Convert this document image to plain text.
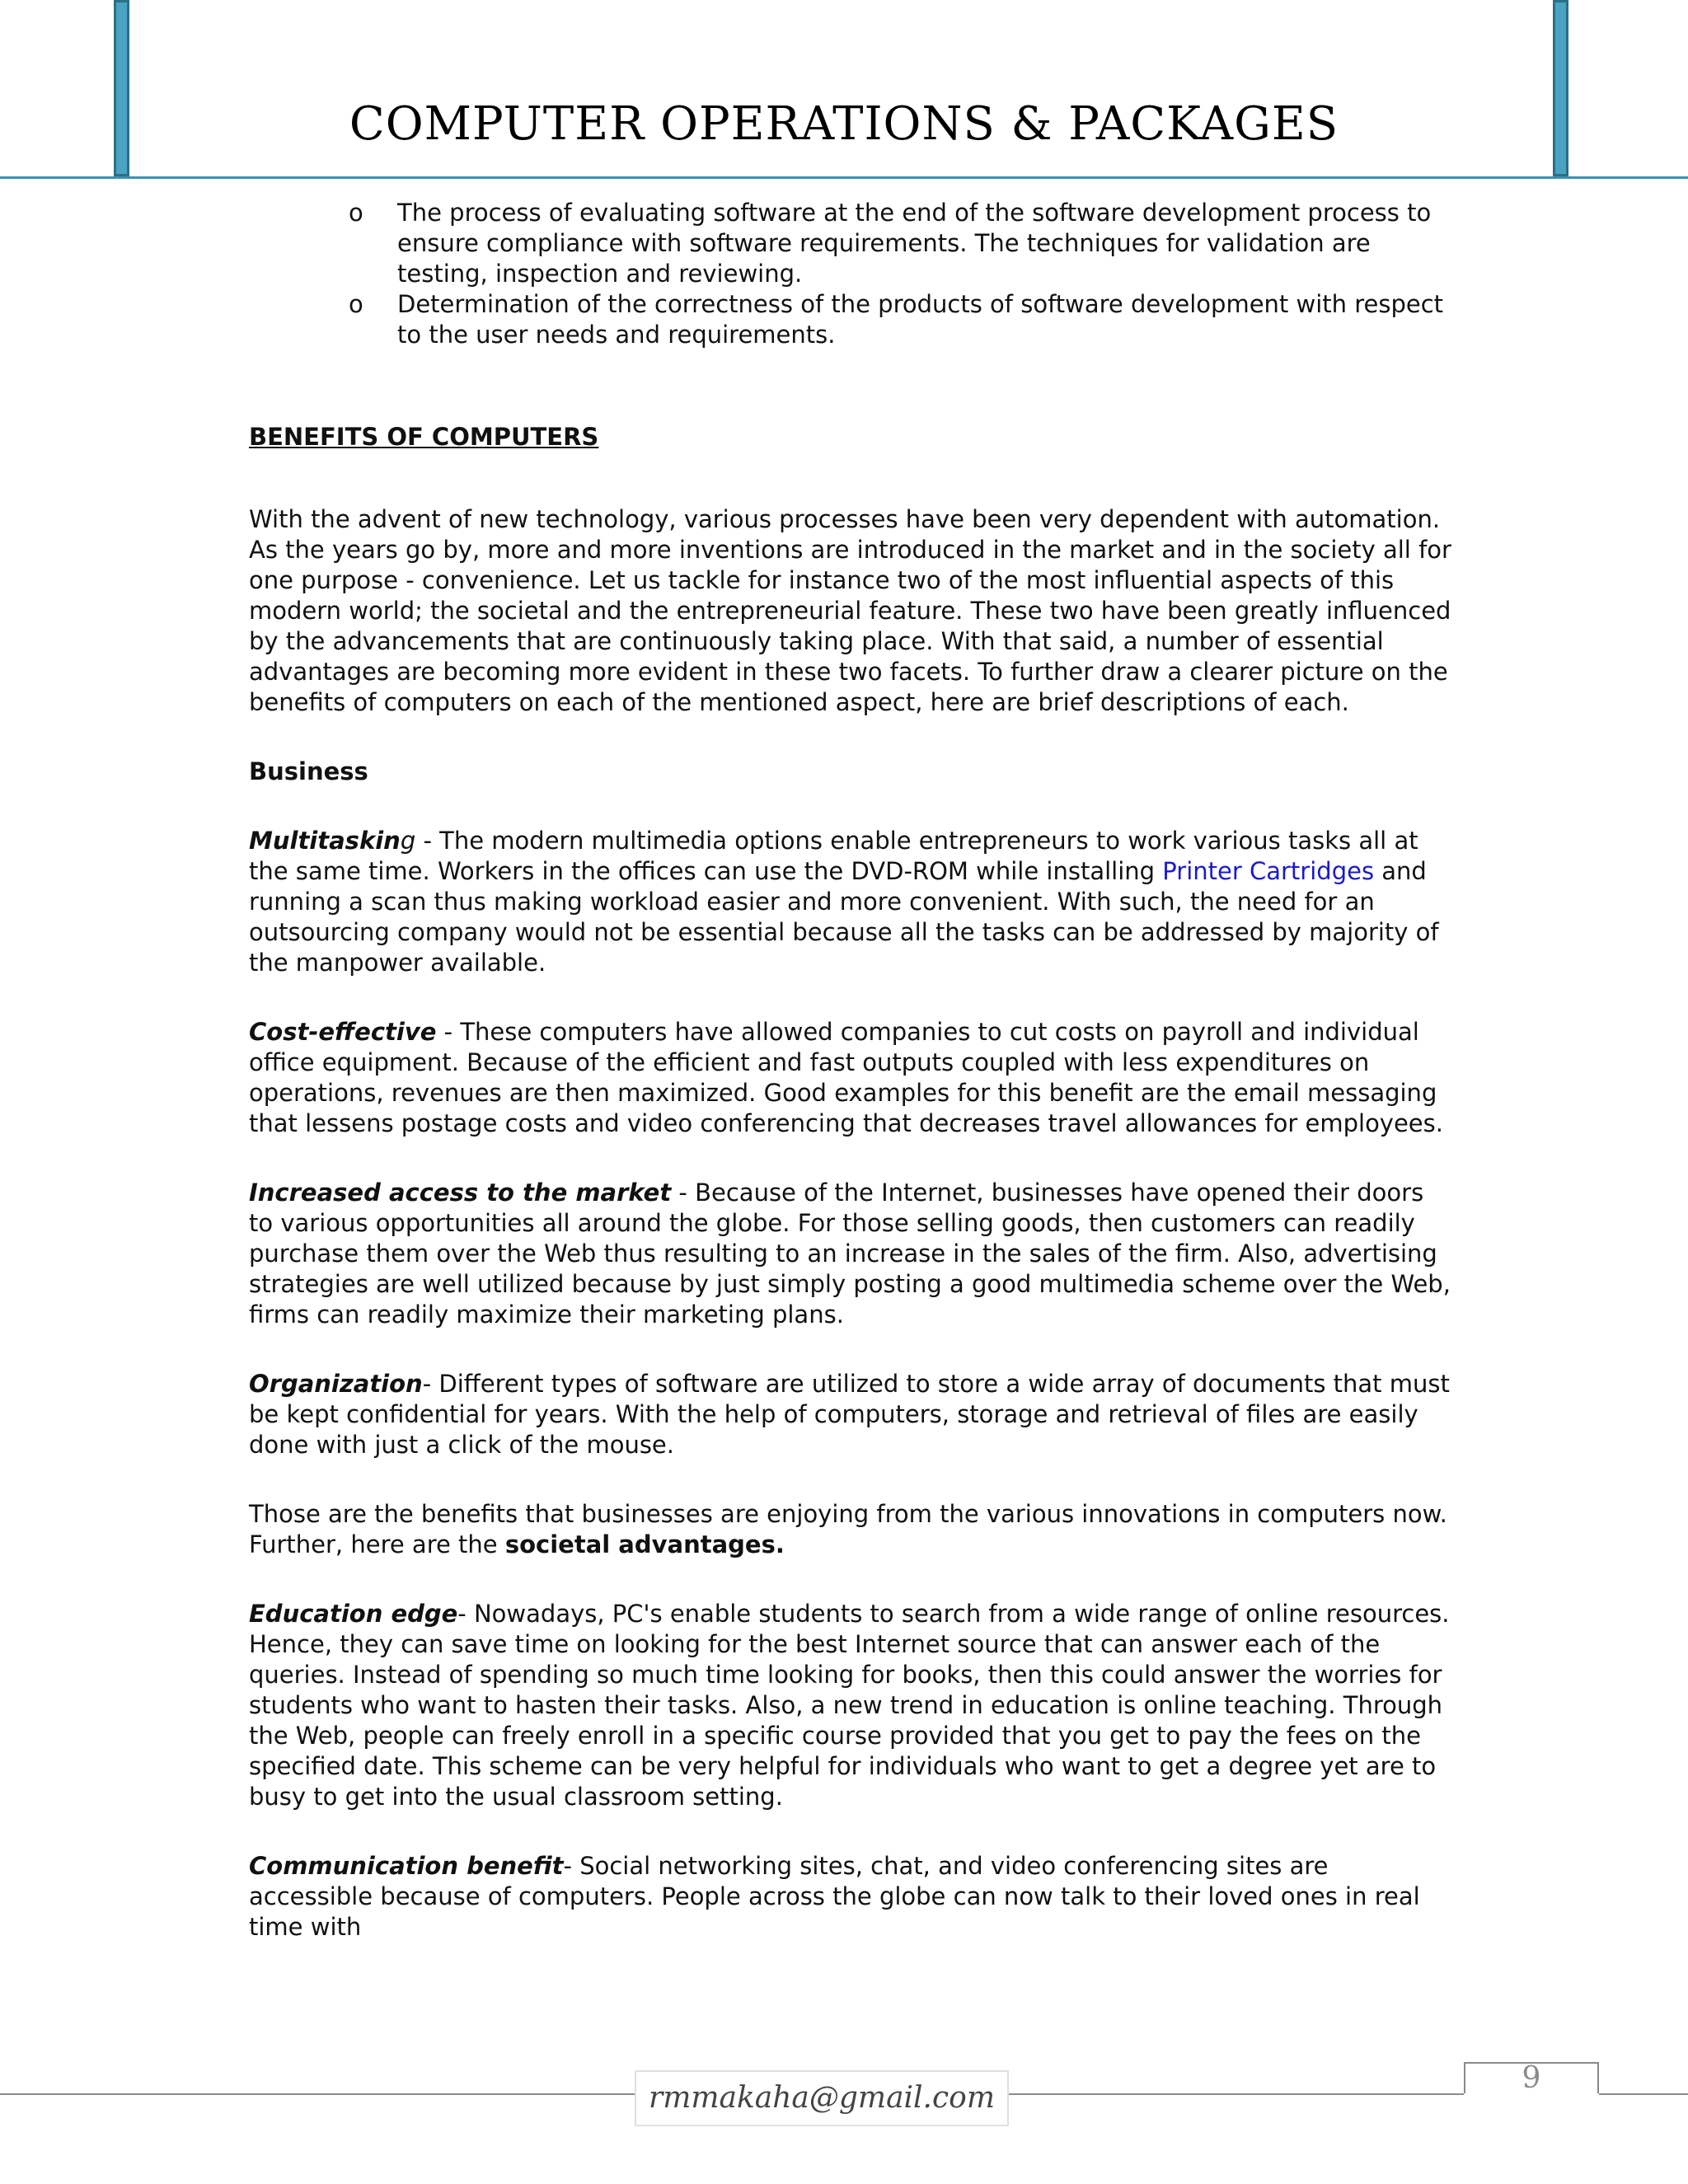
COMPUTER OPERATIONS & PACKAGES
o The process of evaluating software at the end of the software development process to ensure compliance with software requirements. The techniques for validation are testing, inspection and reviewing.
o Determination of the correctness of the products of software development with respect to the user needs and requirements.
BENEFITS OF COMPUTERS

With the advent of new technology, various processes have been very dependent with automation. As the years go by, more and more inventions are introduced in the market and in the society all for one purpose - convenience. Let us tackle for instance two of the most influential aspects of this modern world; the societal and the entrepreneurial feature. These two have been greatly influenced by the advancements that are continuously taking place. With that said, a number of essential advantages are becoming more evident in these two facets. To further draw a clearer picture on the benefits of computers on each of the mentioned aspect, here are brief descriptions of each.

Business

Multitasking - The modern multimedia options enable entrepreneurs to work various tasks all at the same time. Workers in the offices can use the DVD-ROM while installing Printer Cartridges and running a scan thus making workload easier and more convenient. With such, the need for an outsourcing company would not be essential because all the tasks can be addressed by majority of the manpower available.

Cost-effective - These computers have allowed companies to cut costs on payroll and individual office equipment. Because of the efficient and fast outputs coupled with less expenditures on operations, revenues are then maximized. Good examples for this benefit are the email messaging that lessens postage costs and video conferencing that decreases travel allowances for employees.

Increased access to the market - Because of the Internet, businesses have opened their doors to various opportunities all around the globe. For those selling goods, then customers can readily purchase them over the Web thus resulting to an increase in the sales of the firm. Also, advertising strategies are well utilized because by just simply posting a good multimedia scheme over the Web, firms can readily maximize their marketing plans.

Organization- Different types of software are utilized to store a wide array of documents that must be kept confidential for years. With the help of computers, storage and retrieval of files are easily done with just a click of the mouse.

Those are the benefits that businesses are enjoying from the various innovations in computers now. Further, here are the societal advantages.

Education edge- Nowadays, PC's enable students to search from a wide range of online resources. Hence, they can save time on looking for the best Internet source that can answer each of the queries. Instead of spending so much time looking for books, then this could answer the worries for students who want to hasten their tasks. Also, a new trend in education is online teaching. Through the Web, people can freely enroll in a specific course provided that you get to pay the fees on the specified date. This scheme can be very helpful for individuals who want to get a degree yet are to busy to get into the usual classroom setting.

Communication benefit- Social networking sites, chat, and video conferencing sites are accessible because of computers. People across the globe can now talk to their loved ones in real time with

rmmakaha@gmail.com
9
